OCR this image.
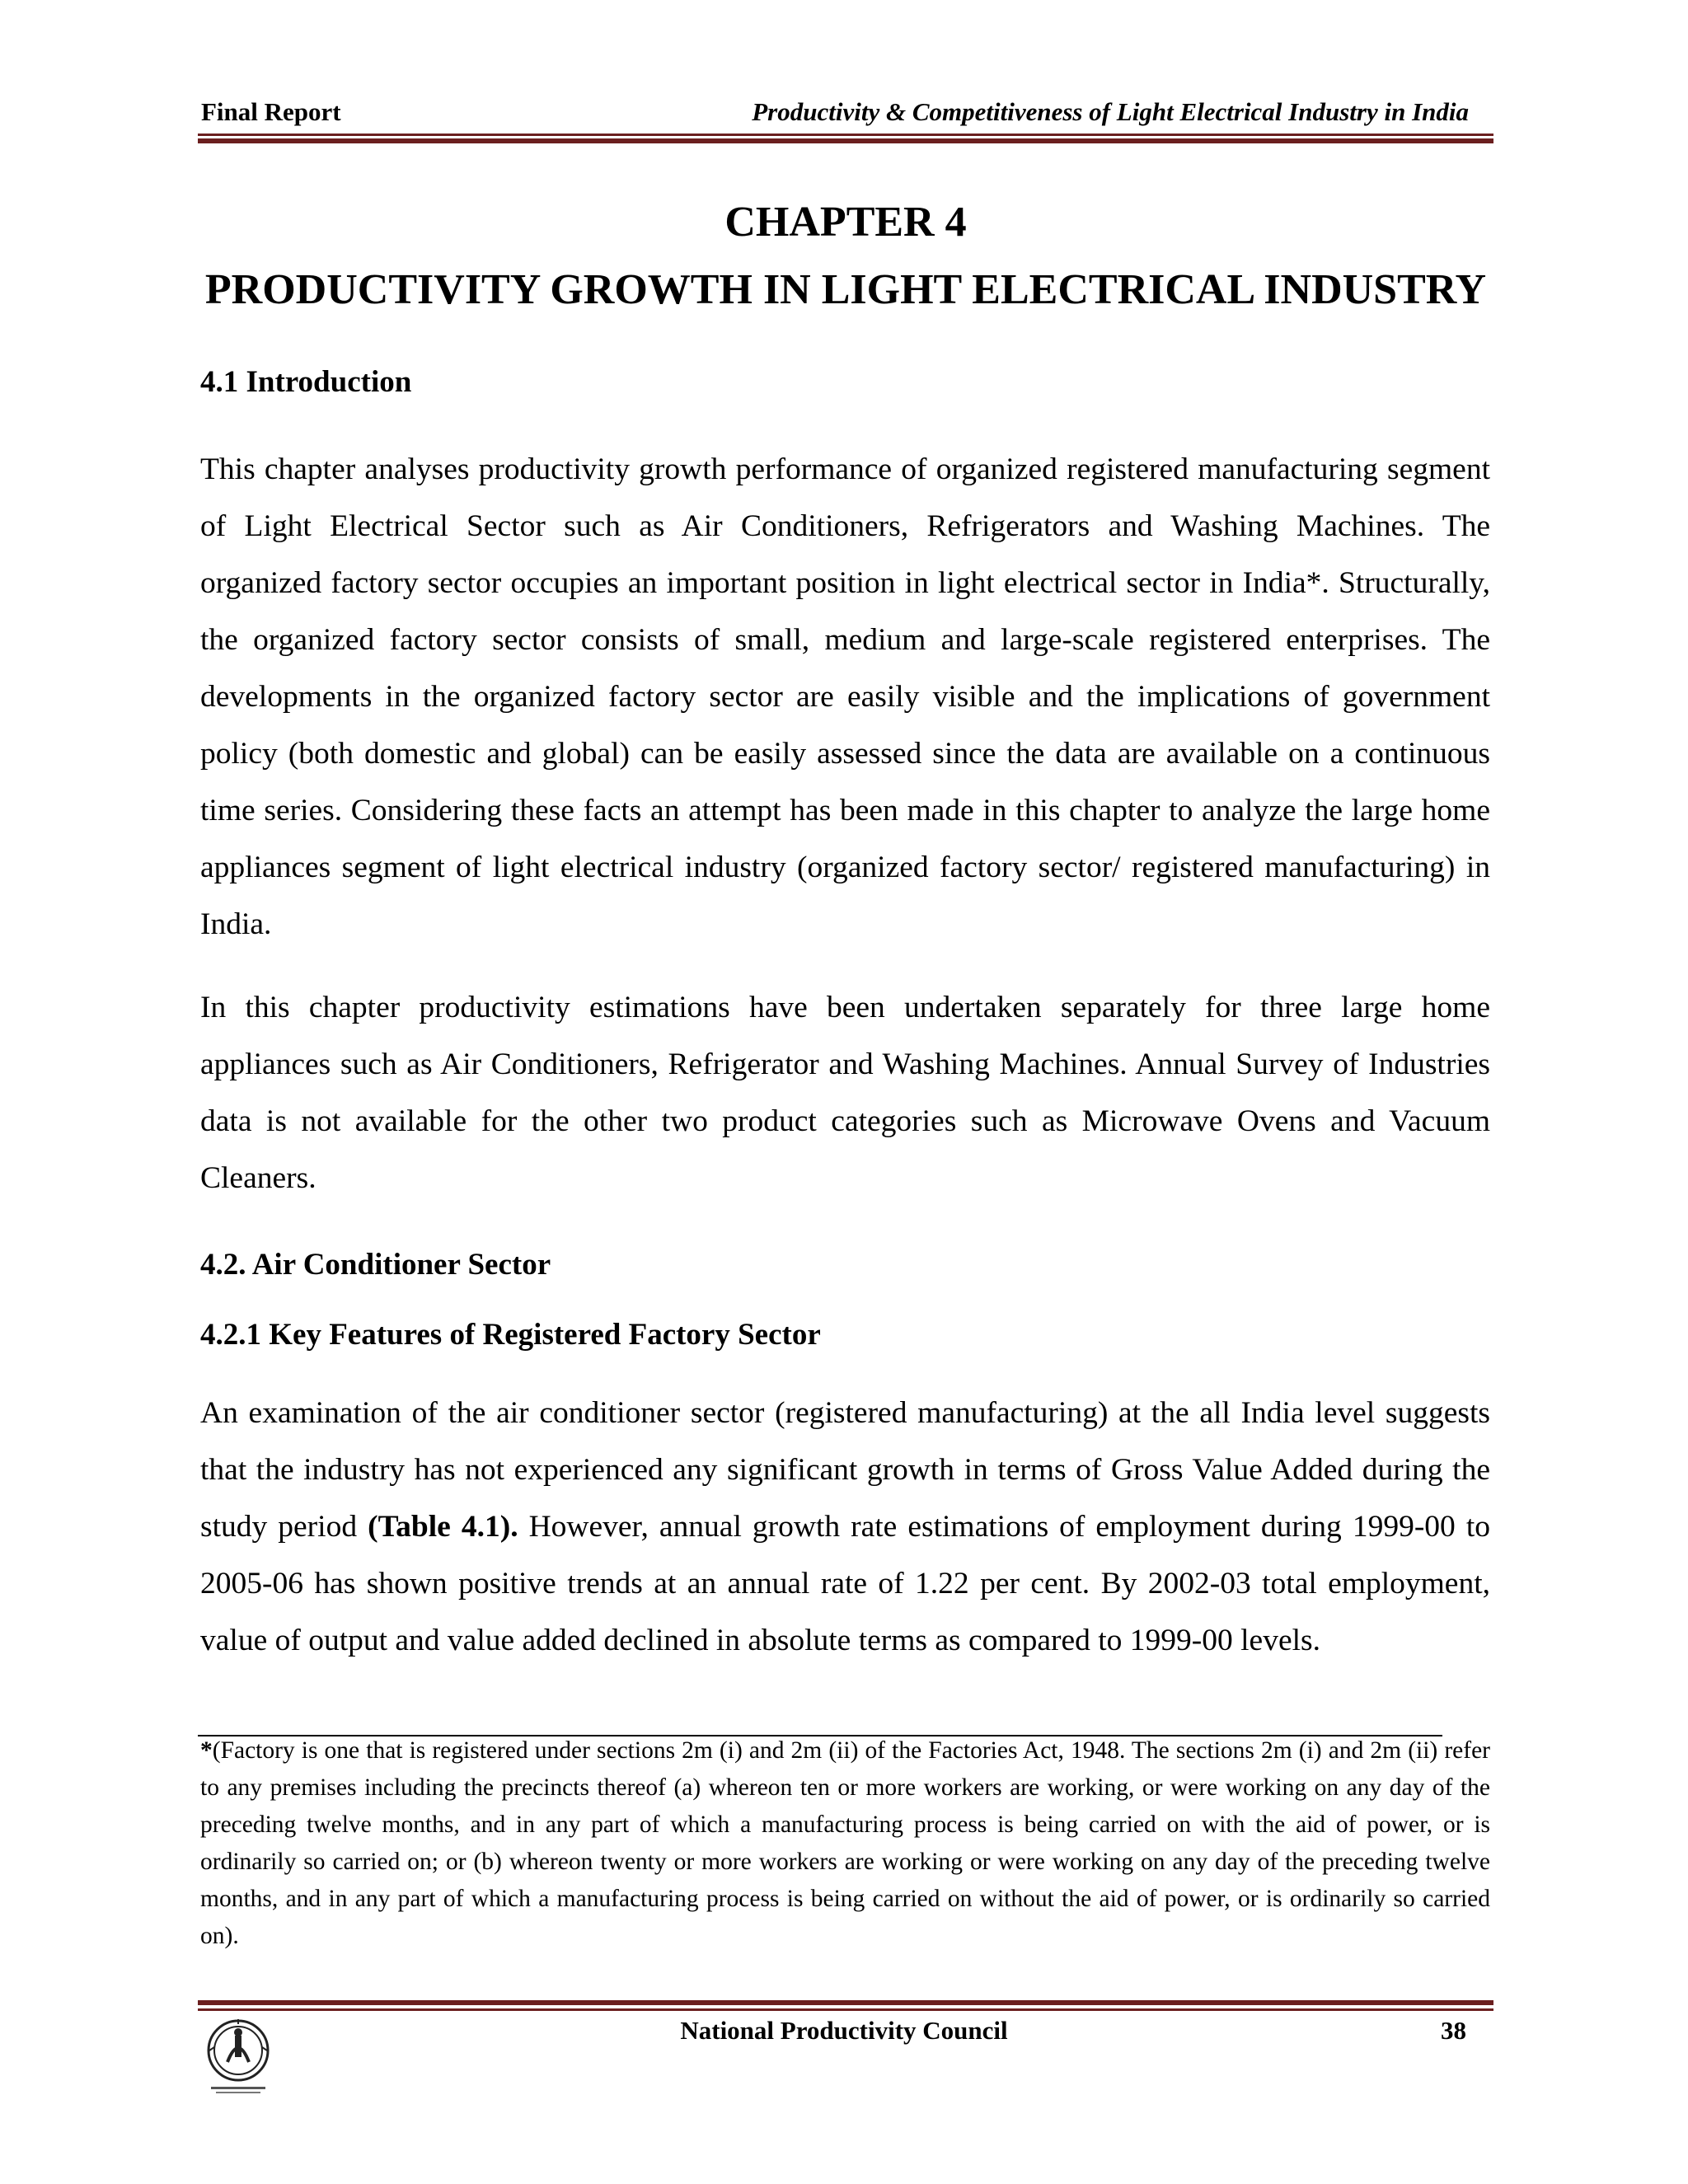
Final Report	Productivity & Competitiveness of Light Electrical Industry in India
CHAPTER 4
PRODUCTIVITY GROWTH IN LIGHT ELECTRICAL INDUSTRY
4.1 Introduction

This chapter analyses productivity growth performance of organized registered manufacturing segment of Light Electrical Sector such as Air Conditioners, Refrigerators and Washing Machines. The organized factory sector occupies an important position in light electrical sector in India*. Structurally, the organized factory sector consists of small, medium and large-scale registered enterprises. The developments in the organized factory sector are easily visible and the implications of government policy (both domestic and global) can be easily assessed since the data are available on a continuous time series. Considering these facts an attempt has been made in this chapter to analyze the large home appliances segment of light electrical industry (organized factory sector/ registered manufacturing) in India.

In this chapter productivity estimations have been undertaken separately for three large home appliances such as Air Conditioners, Refrigerator and Washing Machines. Annual Survey of Industries data is not available for the other two product categories such as Microwave Ovens and Vacuum Cleaners.

4.2. Air Conditioner Sector
4.2.1 Key Features of Registered Factory Sector

An examination of the air conditioner sector (registered manufacturing) at the all India level suggests that the industry has not experienced any significant growth in terms of Gross Value Added during the study period (Table 4.1). However, annual growth rate estimations of employment during 1999-00 to 2005-06 has shown positive trends at an annual rate of 1.22 per cent. By 2002-03 total employment, value of output and value added declined in absolute terms as compared to 1999-00 levels.

*(Factory is one that is registered under sections 2m (i) and 2m (ii) of the Factories Act, 1948. The sections 2m (i) and 2m (ii) refer to any premises including the precincts thereof (a) whereon ten or more workers are working, or were working on any day of the preceding twelve months, and in any part of which a manufacturing process is being carried on with the aid of power, or is ordinarily so carried on; or (b) whereon twenty or more workers are working or were working on any day of the preceding twelve months, and in any part of which a manufacturing process is being carried on without the aid of power, or is ordinarily so carried on).

National Productivity Council	38
